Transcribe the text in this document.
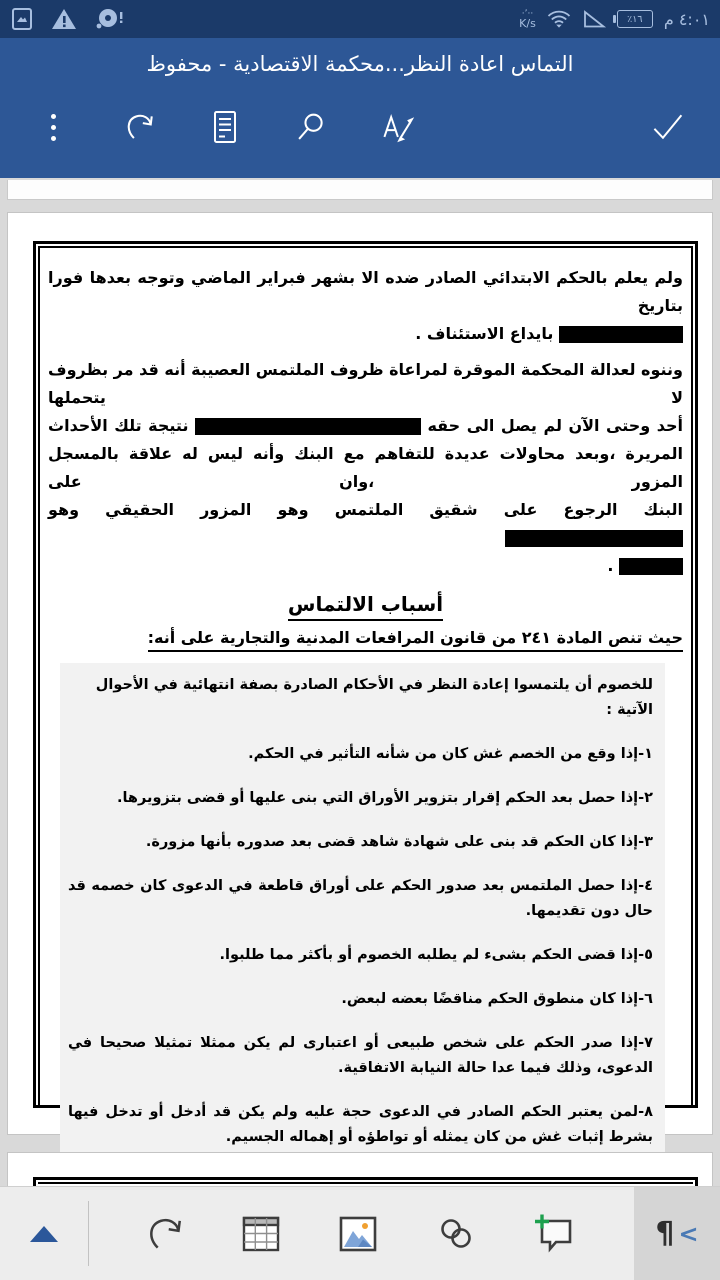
·٬··
K/s	١٦٪ ٤:٠١ م
التماس اعادة النظر...محكمة الاقتصادية - محفوظ
ولم يعلم بالحكم الابتدائي الصادر ضده الا بشهر فبراير الماضي وتوجه بعدها فورا بتاريخ
بايداع الاستئناف .
وننوه لعدالة المحكمة الموقرة لمراعاة ظروف الملتمس العصيبة أنه قد مر بظروف لا يتحملها
أحد وحتى الآن لم يصل الى حقه  نتيجة تلك الأحداث
المريرة ،وبعد محاولات عديدة للتفاهم مع البنك وأنه ليس له علاقة بالمسجل المزور ،وان على
البنك الرجوع على شقيق الملتمس وهو المزور الحقيقي وهو
.
أسباب الالتماس
حيث تنص المادة ٢٤١ من قانون المرافعات المدنية والتجارية على أنه:
للخصوم أن يلتمسوا إعادة النظر في الأحكام الصادرة بصفة انتهائية في الأحوال الآتية :
١-إذا وقع من الخصم غش كان من شأنه التأثير في الحكم.
٢-إذا حصل بعد الحكم إقرار بتزوير الأوراق التي بنى عليها أو قضى بتزويرها.
٣-إذا كان الحكم قد بنى على شهادة شاهد قضى بعد صدوره بأنها مزورة.
٤-إذا حصل الملتمس بعد صدور الحكم على أوراق قاطعة في الدعوى كان خصمه قد حال دون تقديمها.
٥-إذا قضى الحكم بشىء لم يطلبه الخصوم أو بأكثر مما طلبوا.
٦-إذا كان منطوق الحكم مناقضًا بعضه لبعض.
٧-إذا صدر الحكم على شخص طبيعى أو اعتبارى لم يكن ممثلا تمثيلا صحيحا في الدعوى، وذلك فيما عدا حالة النيابة الاتفاقية.
٨-لمن يعتبر الحكم الصادر في الدعوى حجة عليه ولم يكن قد أدخل أو تدخل فيها بشرط إثبات غش من كان يمثله أو تواطؤه أو إهماله الجسيم.
¶ <
